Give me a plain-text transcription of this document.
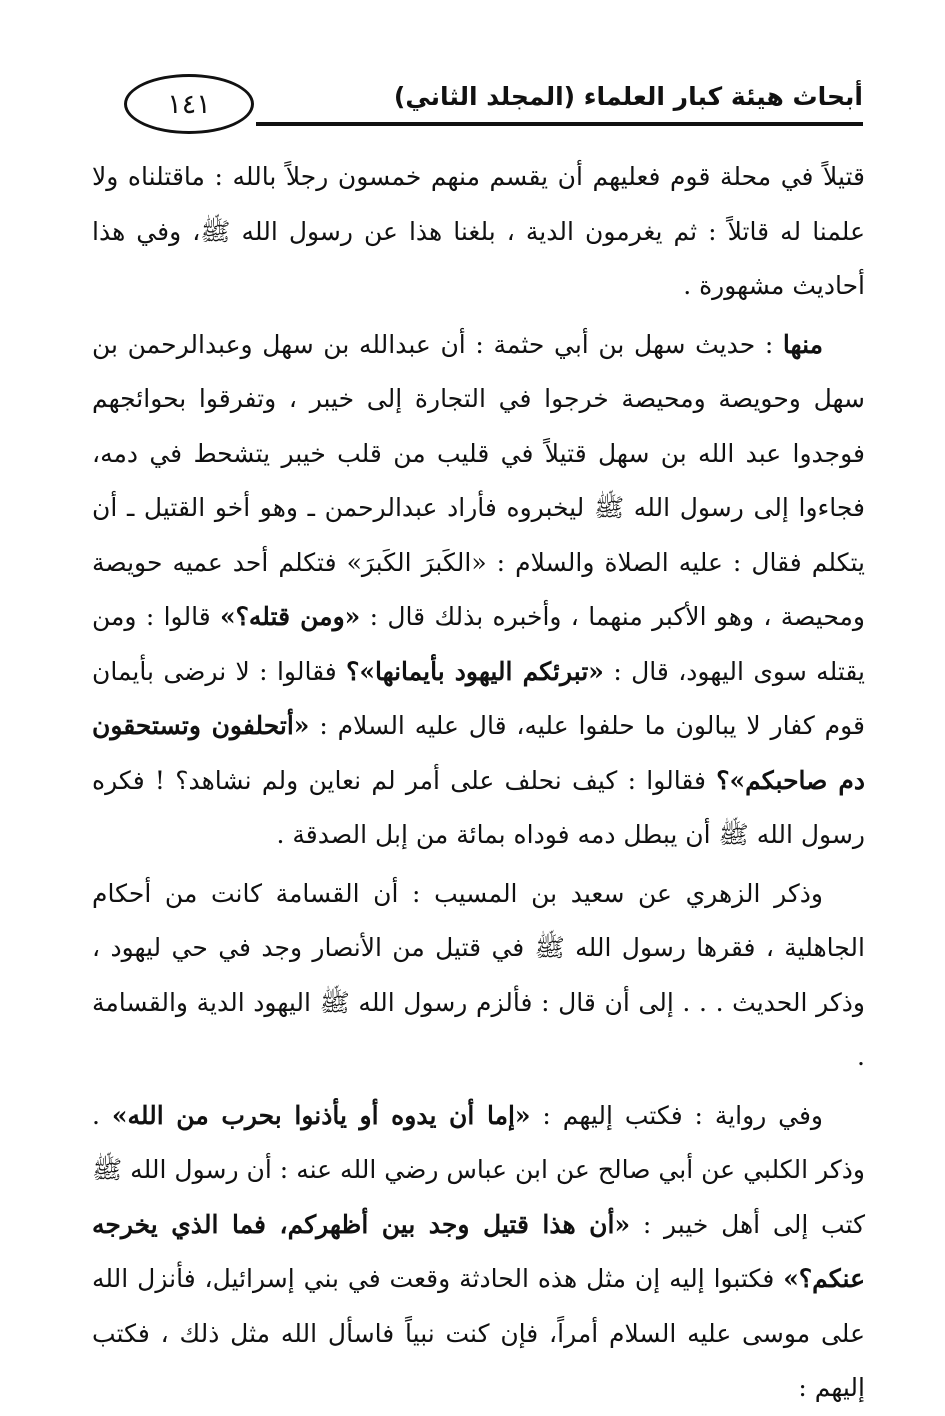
أبحاث هيئة كبار العلماء (المجلد الثاني)
١٤١

قتيلاً في محلة قوم فعليهم أن يقسم منهم خمسون رجلاً بالله : ماقتلناه ولا علمنا له قاتلاً : ثم يغرمون الدية ، بلغنا هذا عن رسول الله ﷺ، وفي هذا أحاديث مشهورة .

منها : حديث سهل بن أبي حثمة : أن عبدالله بن سهل وعبدالرحمن بن سهل وحويصة ومحيصة خرجوا في التجارة إلى خيبر ، وتفرقوا بحوائجهم فوجدوا عبد الله بن سهل قتيلاً في قليب من قلب خيبر يتشحط في دمه، فجاءوا إلى رسول الله ﷺ ليخبروه فأراد عبدالرحمن ـ وهو أخو القتيل ـ أن يتكلم فقال : عليه الصلاة والسلام : «الكَبرَ الكَبرَ» فتكلم أحد عميه حويصة ومحيصة ، وهو الأكبر منهما ، وأخبره بذلك قال : «ومن قتله؟» قالوا : ومن يقتله سوى اليهود، قال : «تبرئكم اليهود بأيمانها»؟ فقالوا : لا نرضى بأيمان قوم كفار لا يبالون ما حلفوا عليه، قال عليه السلام : «أتحلفون وتستحقون دم صاحبكم»؟ فقالوا : كيف نحلف على أمر لم نعاين ولم نشاهد؟ ! فكره رسول الله ﷺ أن يبطل دمه فوداه بمائة من إبل الصدقة .

وذكر الزهري عن سعيد بن المسيب : أن القسامة كانت من أحكام الجاهلية ، فقرها رسول الله ﷺ في قتيل من الأنصار وجد في حي ليهود ، وذكر الحديث . . . إلى أن قال : فألزم رسول الله ﷺ اليهود الدية والقسامة .

وفي رواية : فكتب إليهم : «إما أن يدوه أو يأذنوا بحرب من الله» . وذكر الكلبي عن أبي صالح عن ابن عباس رضي الله عنه : أن رسول الله ﷺ كتب إلى أهل خيبر : «أن هذا قتيل وجد بين أظهركم، فما الذي يخرجه عنكم؟» فكتبوا إليه إن مثل هذه الحادثة وقعت في بني إسرائيل، فأنزل الله على موسى عليه السلام أمراً، فإن كنت نبياً فاسأل الله مثل ذلك ، فكتب إليهم :
